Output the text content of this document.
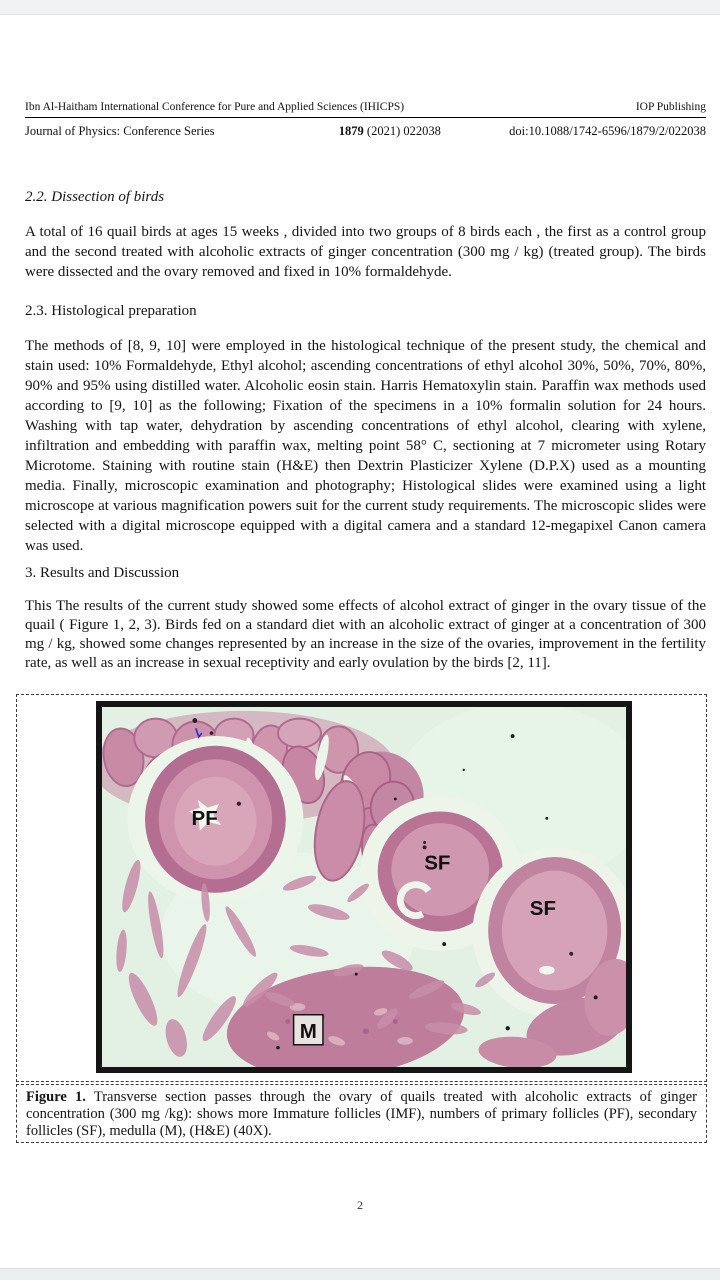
Ibn Al-Haitham International Conference for Pure and Applied Sciences (IHICPS)	IOP Publishing
Journal of Physics: Conference Series	1879 (2021) 022038	doi:10.1088/1742-6596/1879/2/022038
2.2. Dissection of birds
A total of 16 quail birds at ages 15 weeks , divided into two groups of 8 birds each , the first as a control group and the second treated with alcoholic extracts of ginger concentration (300 mg / kg) (treated group). The birds were dissected and the ovary removed and fixed in 10% formaldehyde.
2.3. Histological preparation
The methods of [8, 9, 10] were employed in the histological technique of the present study, the chemical and stain used: 10% Formaldehyde, Ethyl alcohol; ascending concentrations of ethyl alcohol 30%, 50%, 70%, 80%, 90% and 95% using distilled water. Alcoholic eosin stain. Harris Hematoxylin stain. Paraffin wax methods used according to [9, 10] as the following; Fixation of the specimens in a 10% formalin solution for 24 hours. Washing with tap water, dehydration by ascending concentrations of ethyl alcohol, clearing with xylene, infiltration and embedding with paraffin wax, melting point 58° C, sectioning at 7 micrometer using Rotary Microtome. Staining with routine stain (H&E) then Dextrin Plasticizer Xylene (D.P.X) used as a mounting media. Finally, microscopic examination and photography; Histological slides were examined using a light microscope at various magnification powers suit for the current study requirements. The microscopic slides were selected with a digital microscope equipped with a digital camera and a standard 12-megapixel Canon camera was used.
3. Results and Discussion
This The results of the current study showed some effects of alcohol extract of ginger in the ovary tissue of the quail ( Figure 1, 2, 3). Birds fed on a standard diet with an alcoholic extract of ginger at a concentration of 300 mg / kg, showed some changes represented by an increase in the size of the ovaries, improvement in the fertility rate, as well as an increase in sexual receptivity and early ovulation by the birds [2, 11].
PF
SF
SF
M
Figure 1. Transverse section passes through the ovary of quails treated with alcoholic extracts of ginger concentration (300 mg /kg): shows more Immature follicles (IMF), numbers of primary follicles (PF), secondary follicles (SF), medulla (M), (H&E) (40X).
2
